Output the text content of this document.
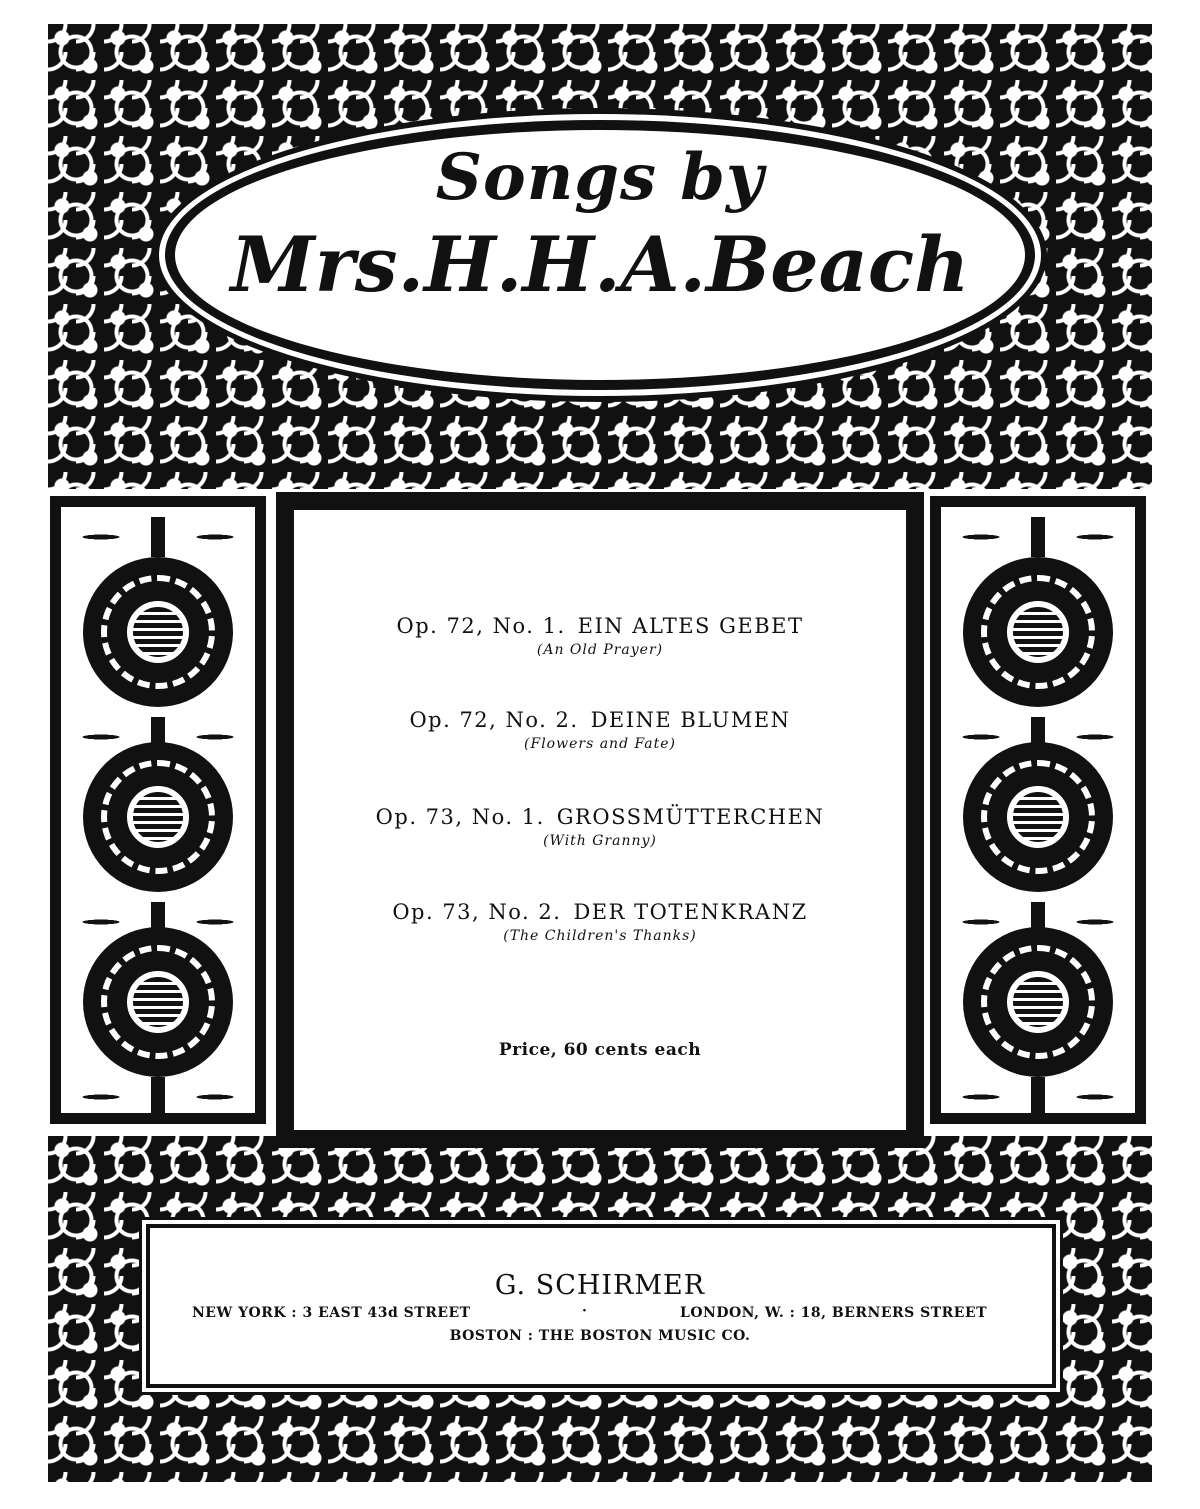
Songs by
Mrs.H.H.A.Beach
Op. 72, No. 1. EIN ALTES GEBET
(An Old Prayer)
Op. 72, No. 2. DEINE BLUMEN
(Flowers and Fate)
Op. 73, No. 1. GROSSMÜTTERCHEN
(With Granny)
Op. 73, No. 2. DER TOTENKRANZ
(The Children's Thanks)
Price, 60 cents each
G. SCHIRMER
NEW YORK : 3 EAST 43d STREET	·	LONDON, W. : 18, BERNERS STREET
BOSTON : THE BOSTON MUSIC CO.
